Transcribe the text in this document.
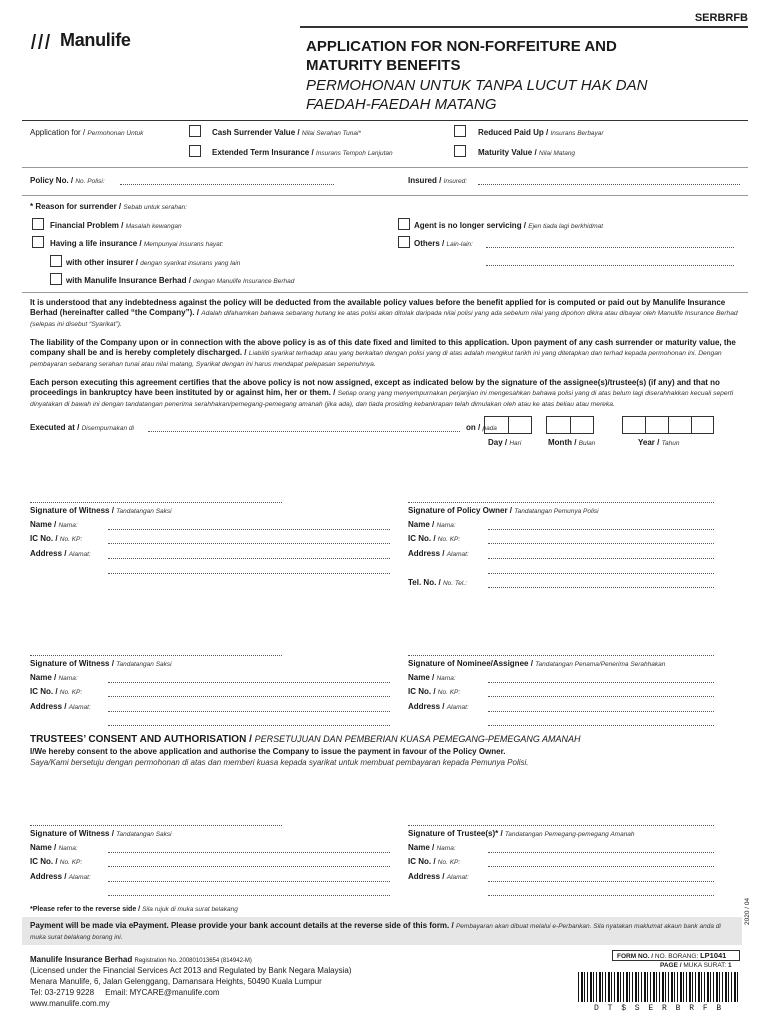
SERBRFB
Manulife	APPLICATION FOR NON-FORFEITURE AND
MATURITY BENEFITS
PERMOHONAN UNTUK TANPA LUCUT HAK DAN
FAEDAH-FAEDAH MATANG
Application for / Permohonan Untuk	Cash Surrender Value / Nilai Serahan Tunai*	Reduced Paid Up / Insurans Berbayar
Extended Term Insurance / Insurans Tempoh Lanjutan	Maturity Value / Nilai Matang
Policy No. / No. Polisi:	Insured / Insured:
* Reason for surrender / Sebab untuk serahan:
Financial Problem / Masalah kewangan	Agent is no longer servicing / Ejen tiada lagi berkhidmat
Having a life insurance / Mempunyai insurans hayat:	Others / Lain-lain:
with other insurer / dengan syarikat insurans yang lain
with Manulife Insurance Berhad / dengan Manulife Insurance Berhad
It is understood that any indebtedness against the policy will be deducted from the available policy values before the benefit applied for is computed or paid out by Manulife Insurance Berhad (hereinafter called “the Company”). / Adalah difahamkan bahawa sebarang hutang ke atas polisi akan ditolak daripada nilai polisi yang ada sebelum nilai yang dipohon dikira atau dibayar oleh Manulife Insurance Berhad (selepas ini disebut “Syarikat”).
The liability of the Company upon or in connection with the above policy is as of this date fixed and limited to this application. Upon payment of any cash surrender or maturity value, the company shall be and is hereby completely discharged. / Liabiliti syarikat terhadap atau yang berkaitan dengan polisi yang di atas adalah mengikut tarikh ini yang ditetapkan dan terhad kepada permohonan ini. Dengan pembayaran sebarang serahan tunai atau nilai matang, Syarikat dengan ini harus mendapat pelepasan sepenuhnya.
Each person executing this agreement certifies that the above policy is not now assigned, except as indicated below by the signature of the assignee(s)/trustee(s) (if any) and that no proceedings in bankruptcy have been instituted by or against him, her or them. / Setiap orang yang menyempurnakan perjanjian ini mengesahkan bahawa polisi yang di atas belum lagi diserahhakkan kecuali seperti dinyatakan di bawah ini dengan tandatangan penerima serahhakan/pemegang-pemegang amanah (jika ada), dan tiada prosiding kebankrapan telah dimulakan oleh atau ke atas beliau atau mereka.
Executed at / Disempurnakan di	on / pada
Day / Hari	Month / Bulan	Year / Tahun
Signature of Witness / Tandatangan Saksi	Signature of Policy Owner / Tandatangan Pemunya Polisi
Name / Nama:	Name / Nama:
IC No. / No. KP:	IC No. / No. KP:
Address / Alamat:	Address / Alamat:
Tel. No. / No. Tel.:
Signature of Witness / Tandatangan Saksi	Signature of Nominee/Assignee / Tandatangan Penama/Penerima Serahhakan
Name / Nama:	Name / Nama:
IC No. / No. KP:	IC No. / No. KP:
Address / Alamat:	Address / Alamat:
TRUSTEES’ CONSENT AND AUTHORISATION / PERSETUJUAN DAN PEMBERIAN KUASA PEMEGANG-PEMEGANG AMANAH
I/We hereby consent to the above application and authorise the Company to issue the payment in favour of the Policy Owner.
Saya/Kami bersetuju dengan permohonan di atas dan memberi kuasa kepada syarikat untuk membuat pembayaran kepada Pemunya Polisi.
Signature of Witness / Tandatangan Saksi	Signature of Trustee(s)* / Tandatangan Pemegang-pemegang Amanah
Name / Nama:	Name / Nama:
IC No. / No. KP:	IC No. / No. KP:
Address / Alamat:	Address / Alamat:
*Please refer to the reverse side / Sila rujuk di muka surat belakang
Payment will be made via ePayment. Please provide your bank account details at the reverse side of this form. / Pembayaran akan dibuat melalui e-Perbankan. Sila nyatakan maklumat akaun bank anda di muka surat belakang borang ini.
2020 / 04
Manulife Insurance Berhad Registration No. 200801013654 (814942-M)
(Licensed under the Financial Services Act 2013 and Regulated by Bank Negara Malaysia)
Menara Manulife, 6, Jalan Gelenggang, Damansara Heights, 50490 Kuala Lumpur
Tel: 03-2719 9228     Email: MYCARE@manulife.com
www.manulife.com.my
FORM NO. / NO. BORANG: LP1041
PAGE / MUKA SURAT: 1
D T $ S E R B R F B
